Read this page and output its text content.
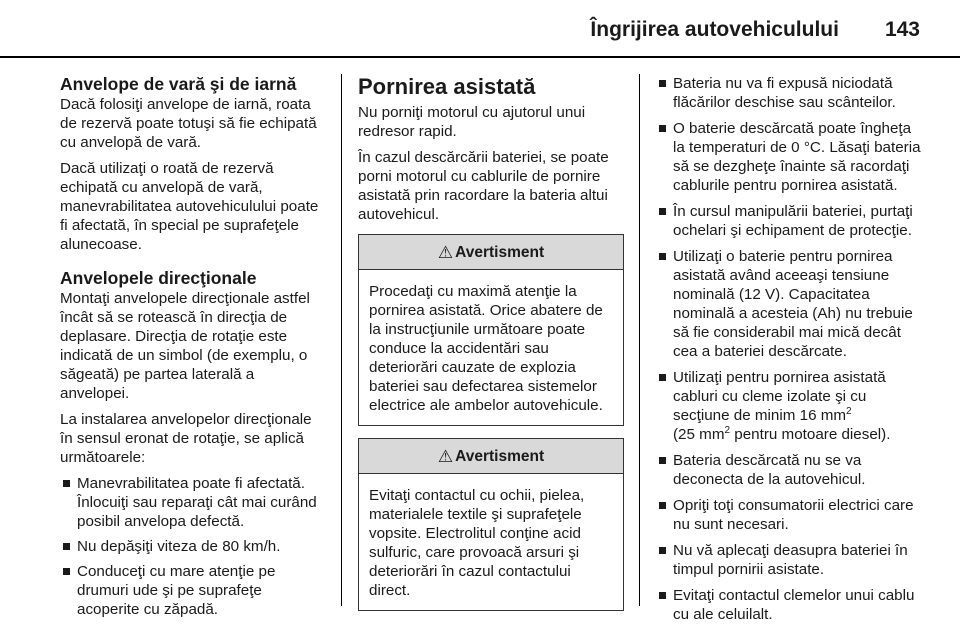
Îngrijirea autovehiculului 143
Anvelope de vară şi de iarnă

Dacă folosiţi anvelope de iarnă, roata de rezervă poate totuşi să fie echipată cu anvelopă de vară.

Dacă utilizaţi o roată de rezervă echipată cu anvelopă de vară, manevrabilitatea autovehiculului poate fi afectată, în special pe suprafeţele alunecoase.

Anvelopele direcţionale

Montaţi anvelopele direcţionale astfel încât să se rotească în direcţia de deplasare. Direcţia de rotaţie este indicată de un simbol (de exemplu, o săgeată) pe partea laterală a anvelopei.

La instalarea anvelopelor direcţionale în sensul eronat de rotaţie, se aplică următoarele:

Manevrabilitatea poate fi afectată. Înlocuiţi sau reparaţi cât mai curând posibil anvelopa defectă.
Nu depăşiţi viteza de 80 km/h.
Conduceţi cu mare atenţie pe drumuri ude şi pe suprafeţe acoperite cu zăpadă.
Pornirea asistată

Nu porniţi motorul cu ajutorul unui redresor rapid.

În cazul descărcării bateriei, se poate porni motorul cu cablurile de pornire asistată prin racordare la bateria altui autovehicul.

⚠ Avertisment
Procedaţi cu maximă atenţie la pornirea asistată. Orice abatere de la instrucţiunile următoare poate conduce la accidentări sau deteriorări cauzate de explozia bateriei sau defectarea sistemelor electrice ale ambelor autovehicule.
⚠ Avertisment
Evitaţi contactul cu ochii, pielea, materialele textile şi suprafeţele vopsite. Electrolitul conţine acid sulfuric, care provoacă arsuri şi deteriorări în cazul contactului direct.
Bateria nu va fi expusă niciodată flăcărilor deschise sau scânteilor.
O baterie descărcată poate îngheţa la temperaturi de 0 °C. Lăsaţi bateria să se dezgheţe înainte să racordaţi cablurile pentru pornirea asistată.
În cursul manipulării bateriei, purtaţi ochelari şi echipament de protecţie.
Utilizaţi o baterie pentru pornirea asistată având aceeaşi tensiune nominală (12 V). Capacitatea nominală a acesteia (Ah) nu trebuie să fie considerabil mai mică decât cea a bateriei descărcate.
Utilizaţi pentru pornirea asistată cabluri cu cleme izolate şi cu secţiune de minim 16 $mm^2$
(25 $mm^2$ pentru motoare diesel).
Bateria descărcată nu se va deconecta de la autovehicul.
Opriţi toţi consumatorii electrici care nu sunt necesari.
Nu vă aplecaţi deasupra bateriei în timpul pornirii asistate.
Evitaţi contactul clemelor unui cablu cu ale celuilalt.
